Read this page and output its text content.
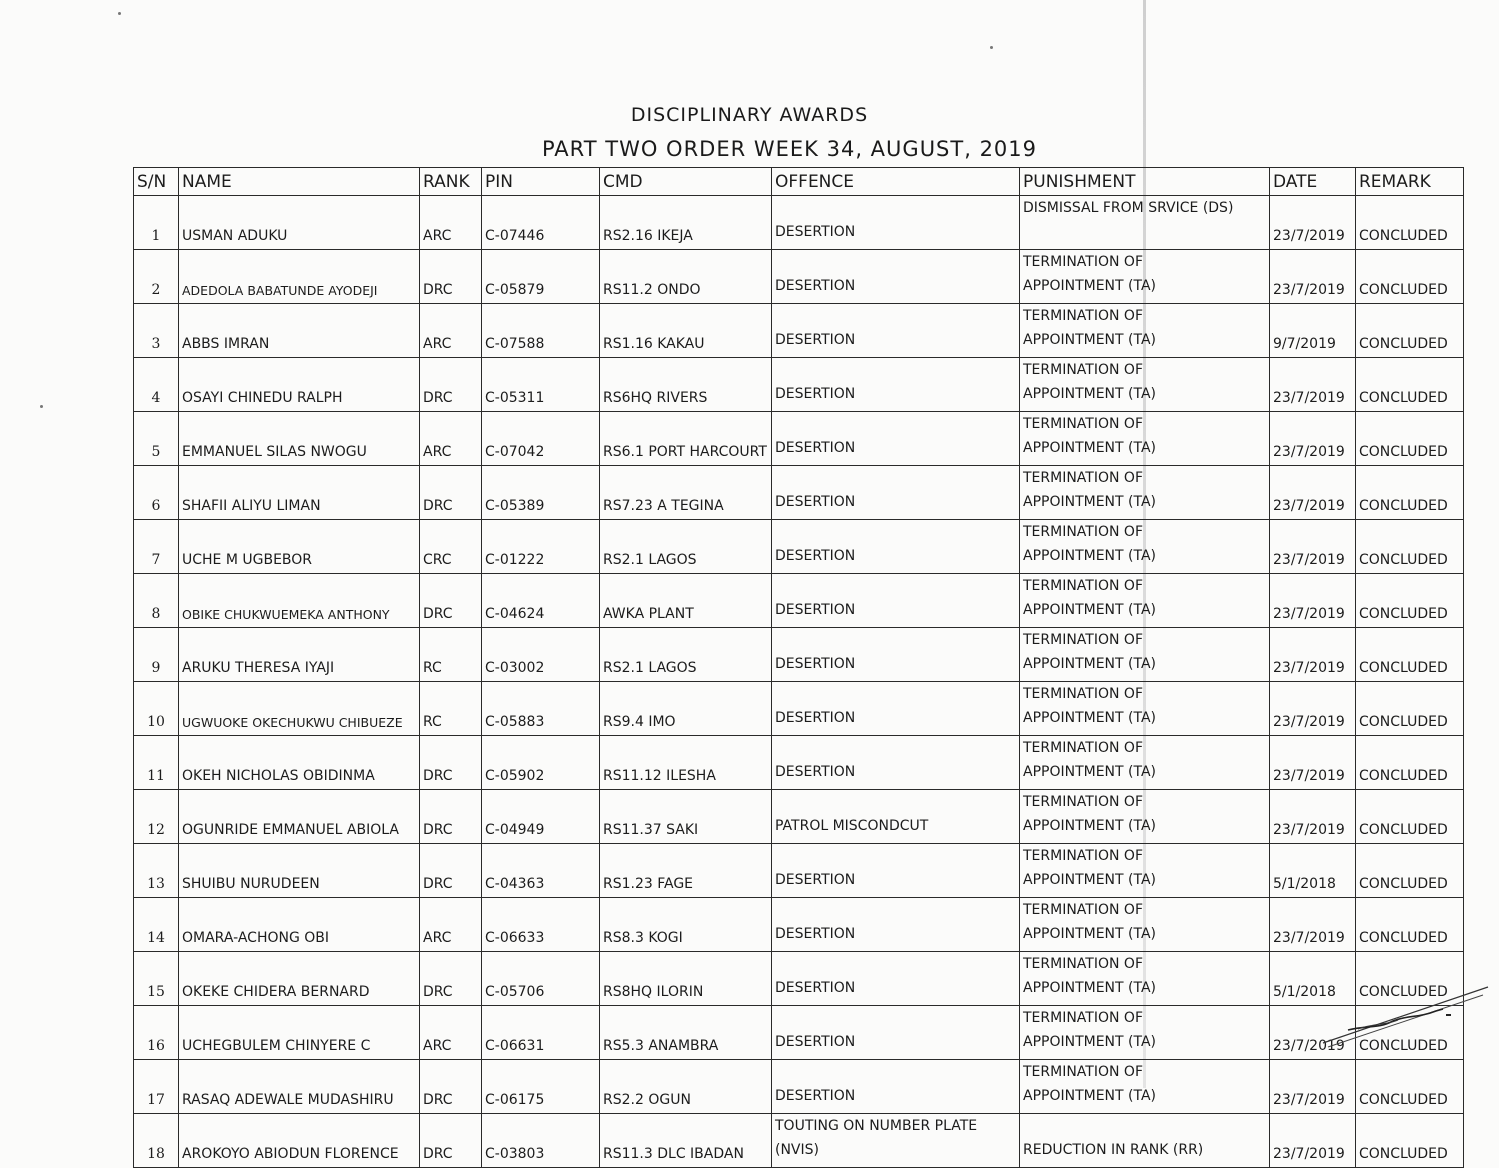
DISCIPLINARY AWARDS
PART TWO ORDER WEEK 34, AUGUST, 2019
S/N	NAME	RANK	PIN	CMD	OFFENCE	PUNISHMENT	DATE	REMARK
1	USMAN ADUKU	ARC	C-07446	RS2.16 IKEJA	DESERTION	DISMISSAL FROM SRVICE (DS)	23/7/2019	CONCLUDED
2	ADEDOLA BABATUNDE AYODEJI	DRC	C-05879	RS11.2 ONDO	DESERTION	TERMINATION OF
APPOINTMENT (TA)	23/7/2019	CONCLUDED
3	ABBS IMRAN	ARC	C-07588	RS1.16 KAKAU	DESERTION	TERMINATION OF
APPOINTMENT (TA)	9/7/2019	CONCLUDED
4	OSAYI CHINEDU RALPH	DRC	C-05311	RS6HQ RIVERS	DESERTION	TERMINATION OF
APPOINTMENT (TA)	23/7/2019	CONCLUDED
5	EMMANUEL SILAS NWOGU	ARC	C-07042	RS6.1 PORT HARCOURT	DESERTION	TERMINATION OF
APPOINTMENT (TA)	23/7/2019	CONCLUDED
6	SHAFII ALIYU LIMAN	DRC	C-05389	RS7.23 A TEGINA	DESERTION	TERMINATION OF
APPOINTMENT (TA)	23/7/2019	CONCLUDED
7	UCHE M UGBEBOR	CRC	C-01222	RS2.1 LAGOS	DESERTION	TERMINATION OF
APPOINTMENT (TA)	23/7/2019	CONCLUDED
8	OBIKE CHUKWUEMEKA ANTHONY	DRC	C-04624	AWKA PLANT	DESERTION	TERMINATION OF
APPOINTMENT (TA)	23/7/2019	CONCLUDED
9	ARUKU THERESA IYAJI	RC	C-03002	RS2.1 LAGOS	DESERTION	TERMINATION OF
APPOINTMENT (TA)	23/7/2019	CONCLUDED
10	UGWUOKE OKECHUKWU CHIBUEZE	RC	C-05883	RS9.4 IMO	DESERTION	TERMINATION OF
APPOINTMENT (TA)	23/7/2019	CONCLUDED
11	OKEH NICHOLAS OBIDINMA	DRC	C-05902	RS11.12 ILESHA	DESERTION	TERMINATION OF
APPOINTMENT (TA)	23/7/2019	CONCLUDED
12	OGUNRIDE EMMANUEL ABIOLA	DRC	C-04949	RS11.37 SAKI	PATROL MISCONDCUT	TERMINATION OF
APPOINTMENT (TA)	23/7/2019	CONCLUDED
13	SHUIBU NURUDEEN	DRC	C-04363	RS1.23 FAGE	DESERTION	TERMINATION OF
APPOINTMENT (TA)	5/1/2018	CONCLUDED
14	OMARA-ACHONG OBI	ARC	C-06633	RS8.3 KOGI	DESERTION	TERMINATION OF
APPOINTMENT (TA)	23/7/2019	CONCLUDED
15	OKEKE CHIDERA BERNARD	DRC	C-05706	RS8HQ ILORIN	DESERTION	TERMINATION OF
APPOINTMENT (TA)	5/1/2018	CONCLUDED
16	UCHEGBULEM CHINYERE C	ARC	C-06631	RS5.3 ANAMBRA	DESERTION	TERMINATION OF
APPOINTMENT (TA)	23/7/2019	CONCLUDED
17	RASAQ ADEWALE MUDASHIRU	DRC	C-06175	RS2.2 OGUN	DESERTION	TERMINATION OF
APPOINTMENT (TA)	23/7/2019	CONCLUDED
18	AROKOYO ABIODUN FLORENCE	DRC	C-03803	RS11.3 DLC IBADAN	TOUTING ON NUMBER PLATE
(NVIS)	REDUCTION IN RANK (RR)	23/7/2019	CONCLUDED
